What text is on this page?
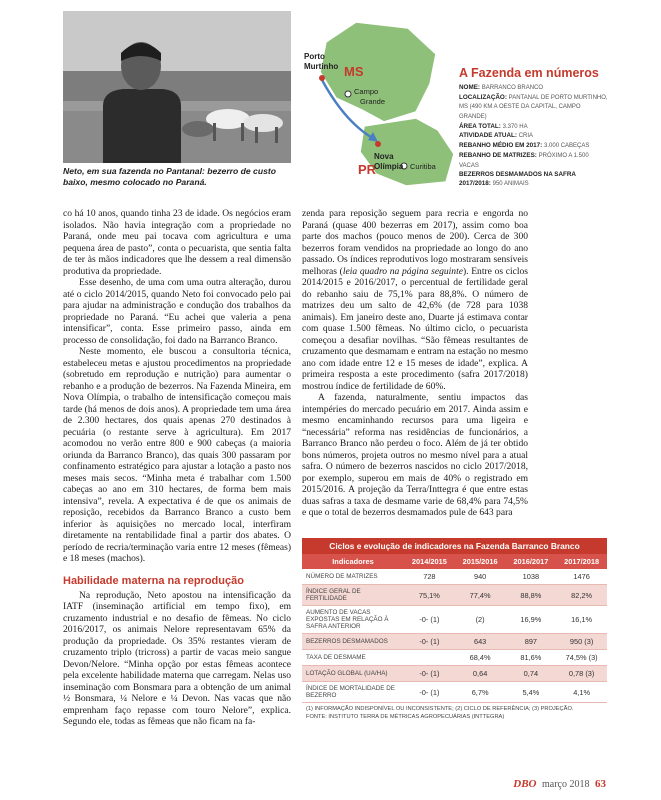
Neto, em sua fazenda no Pantanal: bezerro de custo baixo, mesmo colocado no Paraná.
MS
PR
Porto
Murtinho
Campo
Grande
Nova
Olímpia Curitiba
A Fazenda em números
NOME: BARRANCO BRANCO
LOCALIZAÇÃO: PANTANAL DE PORTO MURTINHO, MS (490 KM A OESTE DA CAPITAL, CAMPO GRANDE)
ÁREA TOTAL: 3.370 HA
ATIVIDADE ATUAL: CRIA
REBANHO MÉDIO EM 2017: 3.000 CABEÇAS
REBANHO DE MATRIZES: PRÓXIMO A 1.500 VACAS
BEZERROS DESMAMADOS NA SAFRA 2017/2018: 950 ANIMAIS

co há 10 anos, quando tinha 23 de idade. Os negócios eram isolados. Não havia integração com a propriedade no Paraná, onde meu pai tocava com agricultura e uma pequena área de pasto”, conta o pecuarista, que sentia falta de ter às mãos indicadores que lhe dessem a real dimensão produtiva da propriedade.

Esse desenho, de uma com uma outra alteração, durou até o ciclo 2014/2015, quando Neto foi convocado pelo pai para ajudar na administração e condução dos trabalhos da propriedade no Paraná. “Eu achei que valeria a pena intensificar”, conta. Esse primeiro passo, ainda em processo de consolidação, foi dado na Barranco Branco.

Neste momento, ele buscou a consultoria técnica, estabeleceu metas e ajustou procedimentos na propriedade (sobretudo em reprodução e nutrição) para aumentar o rebanho e a produção de bezerros. Na Fazenda Mineira, em Nova Olímpia, o trabalho de intensificação começou mais tarde (há menos de dois anos). A propriedade tem uma área de 2.300 hectares, dos quais apenas 270 destinados à pecuária (o restante serve à agricultura). Em 2017 acomodou no verão entre 800 e 900 cabeças (a maioria oriunda da Barranco Branco), das quais 300 passaram por confinamento estratégico para ajustar a lotação a pasto nos meses mais secos. “Minha meta é trabalhar com 1.500 cabeças ao ano em 310 hectares, de forma bem mais intensiva”, revela. A expectativa é de que os animais de reposição, recebidos da Barranco Branco a custo bem inferior às aquisições no mercado local, interfiram diretamente na rentabilidade final a partir dos abates. O período de recria/terminação varia entre 12 meses (fêmeas) e 18 meses (machos).

Habilidade materna na reprodução

Na reprodução, Neto apostou na intensificação da IATF (inseminação artificial em tempo fixo), em cruzamento industrial e no desafio de fêmeas. No ciclo 2016/2017, os animais Nelore representavam 65% da produção da propriedade. Os 35% restantes vieram de cruzamento triplo (tricross) a partir de vacas meio sangue Devon/Nelore. “Minha opção por estas fêmeas acontece pela excelente habilidade materna que carregam. Nelas uso inseminação com Bonsmara para a obtenção de um animal ½ Bonsmara, ¼ Nelore e ¼ Devon. Nas vacas que não emprenham faço repasse com touro Nelore”, explica. Segundo ele, todas as fêmeas que não ficam na fa-

zenda para reposição seguem para recria e engorda no Paraná (quase 400 bezerras em 2017), assim como boa parte dos machos (pouco menos de 200). Cerca de 300 bezerros foram vendidos na propriedade ao longo do ano passado. Os índices reprodutivos logo mostraram sensíveis melhoras (leia quadro na página seguinte). Entre os ciclos 2014/2015 e 2016/2017, o percentual de fertilidade geral do rebanho saiu de 75,1% para 88,8%. O número de matrizes deu um salto de 42,6% (de 728 para 1038 animais). Em janeiro deste ano, Duarte já estimava contar com quase 1.500 fêmeas. No último ciclo, o pecuarista começou a desafiar novilhas. “São fêmeas resultantes de cruzamento que desmamam e entram na estação no mesmo ano com idade entre 12 e 15 meses de idade”, explica. A primeira resposta a este procedimento (safra 2017/2018) mostrou índice de fertilidade de 60%.

A fazenda, naturalmente, sentiu impactos das intempéries do mercado pecuário em 2017. Ainda assim e mesmo encaminhando recursos para uma ligeira e “necessária” reforma nas residências de funcionários, a Barranco Branco não perdeu o foco. Além de já ter obtido bons números, projeta outros no mesmo nível para a atual safra. O número de bezerros nascidos no ciclo 2017/2018, por exemplo, superou em mais de 40% o registrado em 2015/2016. A projeção da Terra/Inttegra é que entre estas duas safras a taxa de desmame varie de 68,4% para 74,5% e que o total de bezerros desmamados pule de 643 para

Ciclos e evolução de indicadores na Fazenda Barranco Branco
Indicadores	2014/2015	2015/2016	2016/2017	2017/2018
NÚMERO DE MATRIZES	728	940	1038	1476
ÍNDICE GERAL DE FERTILIDADE	75,1%	77,4%	88,8%	82,2%
AUMENTO DE VACAS EXPOSTAS EM RELAÇÃO À SAFRA ANTERIOR	-0- (1)	(2)	16,9%	16,1%
BEZERROS DESMAMADOS	-0- (1)	643	897	950 (3)
TAXA DE DESMAME		68,4%	81,6%	74,5% (3)
LOTAÇÃO GLOBAL (UA/HA)	-0- (1)	0,64	0,74	0,78 (3)
ÍNDICE DE MORTALIDADE DE BEZERRO	-0- (1)	6,7%	5,4%	4,1%
(1) INFORMAÇÃO INDISPONÍVEL OU INCONSISTENTE; (2) CICLO DE REFERÊNCIA; (3) PROJEÇÃO.
FONTE: INSTITUTO TERRA DE MÉTRICAS AGROPECUÁRIAS (INTTEGRA)
DBO março 2018 63
